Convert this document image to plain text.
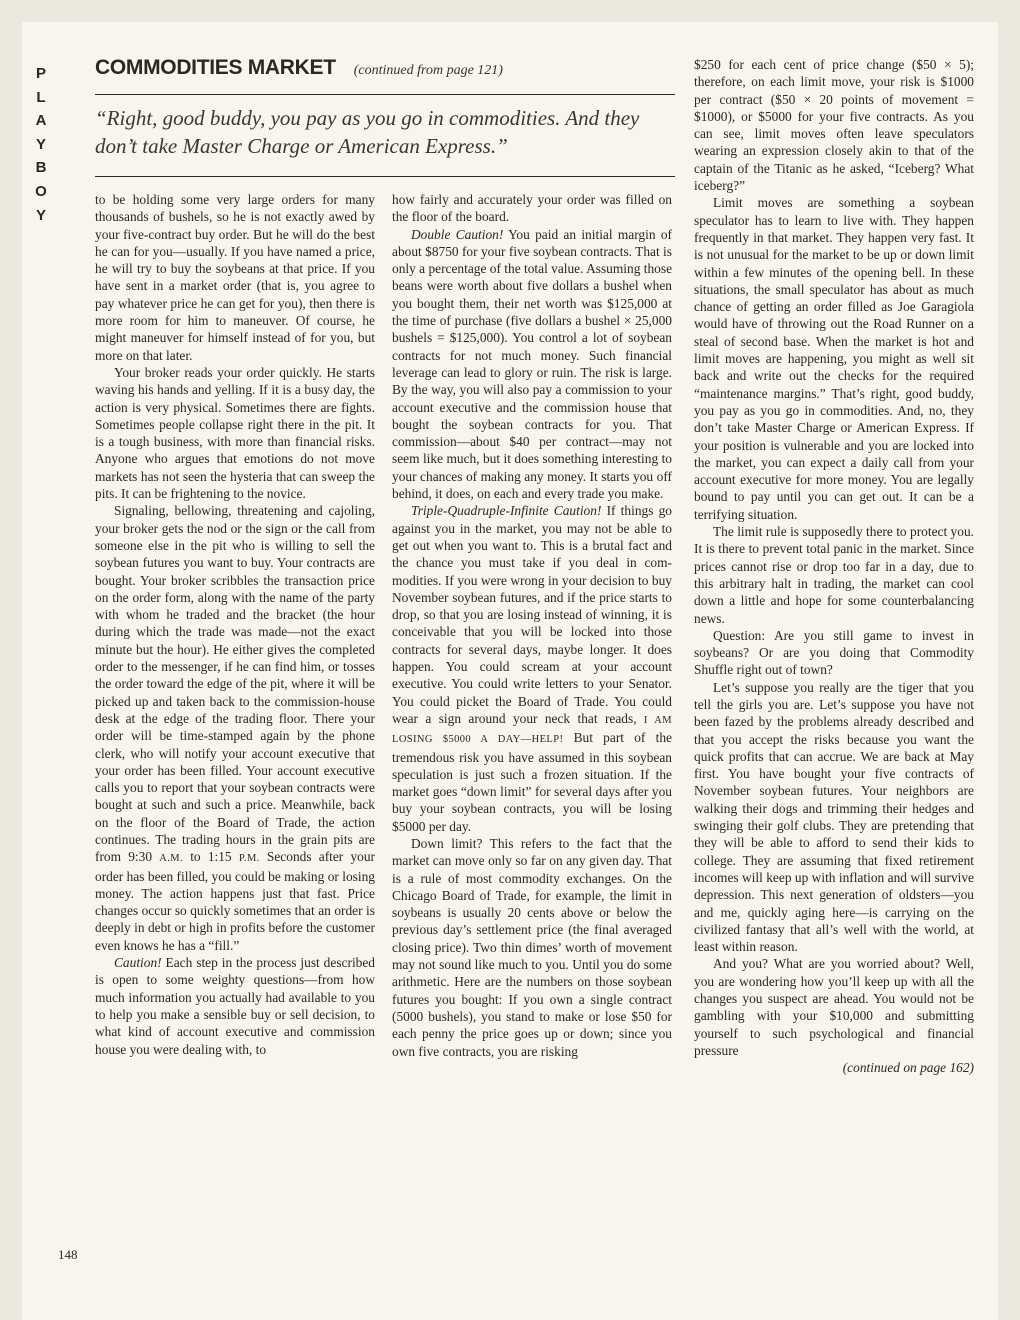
P
L
A
Y
B
O
Y
COMMODITIES MARKET (continued from page 121)

“Right, good buddy, you pay as you go in commodities. And they don’t take Master Charge or American Express.”

to be holding some very large orders for many thousands of bushels, so he is not exactly awed by your five-contract buy order. But he will do the best he can for you—usually. If you have named a price, he will try to buy the soybeans at that price. If you have sent in a market order (that is, you agree to pay whatever price he can get for you), then there is more room for him to maneuver. Of course, he might maneuver for himself instead of for you, but more on that later.

Your broker reads your order quickly. He starts waving his hands and yelling. If it is a busy day, the action is very physical. Sometimes there are fights. Sometimes people collapse right there in the pit. It is a tough business, with more than financial risks. Anyone who argues that emotions do not move markets has not seen the hysteria that can sweep the pits. It can be frightening to the novice.

Signaling, bellowing, threatening and cajoling, your broker gets the nod or the sign or the call from someone else in the pit who is willing to sell the soybean futures you want to buy. Your contracts are bought. Your broker scribbles the transaction price on the order form, along with the name of the party with whom he traded and the bracket (the hour during which the trade was made—not the exact minute but the hour). He either gives the completed order to the messenger, if he can find him, or tosses the order toward the edge of the pit, where it will be picked up and taken back to the commission-house desk at the edge of the trading floor. There your order will be time-stamped again by the phone clerk, who will notify your account executive that your order has been filled. Your account executive calls you to report that your soybean contracts were bought at such and such a price. Meanwhile, back on the floor of the Board of Trade, the action continues. The trading hours in the grain pits are from 9:30 A.M. to 1:15 P.M. Seconds after your order has been filled, you could be making or losing money. The action happens just that fast. Price changes occur so quickly sometimes that an order is deeply in debt or high in profits before the customer even knows he has a “fill.”

Caution! Each step in the process just described is open to some weighty questions—from how much information you actually had available to you to help you make a sensible buy or sell decision, to what kind of account executive and commission house you were dealing with, to

how fairly and accurately your order was filled on the floor of the board.

Double Caution! You paid an initial margin of about $8750 for your five soybean contracts. That is only a percentage of the total value. Assuming those beans were worth about five dollars a bushel when you bought them, their net worth was $125,000 at the time of purchase (five dollars a bushel × 25,000 bushels = $125,000). You control a lot of soybean contracts for not much money. Such financial leverage can lead to glory or ruin. The risk is large. By the way, you will also pay a commission to your account executive and the commission house that bought the soybean contracts for you. That commission—about $40 per contract—may not seem like much, but it does something interesting to your chances of making any money. It starts you off behind, it does, on each and every trade you make.

Triple-Quadruple-Infinite Caution! If things go against you in the market, you may not be able to get out when you want to. This is a brutal fact and the chance you must take if you deal in commodities. If you were wrong in your decision to buy November soybean futures, and if the price starts to drop, so that you are losing instead of winning, it is conceivable that you will be locked into those contracts for several days, maybe longer. It does happen. You could scream at your account executive. You could write letters to your Senator. You could picket the Board of Trade. You could wear a sign around your neck that reads, I AM LOSING $5000 A DAY—HELP! But part of the tremendous risk you have assumed in this soybean speculation is just such a frozen situation. If the market goes “down limit” for several days after you buy your soybean contracts, you will be losing $5000 per day.

Down limit? This refers to the fact that the market can move only so far on any given day. That is a rule of most commodity exchanges. On the Chicago Board of Trade, for example, the limit in soybeans is usually 20 cents above or below the previous day’s settlement price (the final averaged closing price). Two thin dimes’ worth of movement may not sound like much to you. Until you do some arithmetic. Here are the numbers on those soybean futures you bought: If you own a single contract (5000 bushels), you stand to make or lose $50 for each penny the price goes up or down; since you own five contracts, you are risking

$250 for each cent of price change ($50 × 5); therefore, on each limit move, your risk is $1000 per contract ($50 × 20 points of movement = $1000), or $5000 for your five contracts. As you can see, limit moves often leave speculators wearing an expression closely akin to that of the captain of the Titanic as he asked, “Iceberg? What iceberg?”

Limit moves are something a soybean speculator has to learn to live with. They happen frequently in that market. They happen very fast. It is not unusual for the market to be up or down limit within a few minutes of the opening bell. In these situations, the small speculator has about as much chance of getting an order filled as Joe Garagiola would have of throwing out the Road Runner on a steal of second base. When the market is hot and limit moves are happening, you might as well sit back and write out the checks for the required “maintenance margins.” That’s right, good buddy, you pay as you go in commodities. And, no, they don’t take Master Charge or American Express. If your position is vulnerable and you are locked into the market, you can expect a daily call from your account executive for more money. You are legally bound to pay until you can get out. It can be a terrifying situation.

The limit rule is supposedly there to protect you. It is there to prevent total panic in the market. Since prices cannot rise or drop too far in a day, due to this arbitrary halt in trading, the market can cool down a little and hope for some counterbalancing news.

Question: Are you still game to invest in soybeans? Or are you doing that Commodity Shuffle right out of town?

Let’s suppose you really are the tiger that you tell the girls you are. Let’s suppose you have not been fazed by the problems already described and that you accept the risks because you want the quick profits that can accrue. We are back at May first. You have bought your five contracts of November soybean futures. Your neighbors are walking their dogs and trimming their hedges and swinging their golf clubs. They are pretending that they will be able to afford to send their kids to college. They are assuming that fixed retirement incomes will keep up with inflation and will survive depression. This next generation of oldsters—you and me, quickly aging here—is carrying on the civilized fantasy that all’s well with the world, at least within reason.

And you? What are you worried about? Well, you are wondering how you’ll keep up with all the changes you suspect are ahead. You would not be gambling with your $10,000 and submitting yourself to such psychological and financial pressure

(continued on page 162)

148
